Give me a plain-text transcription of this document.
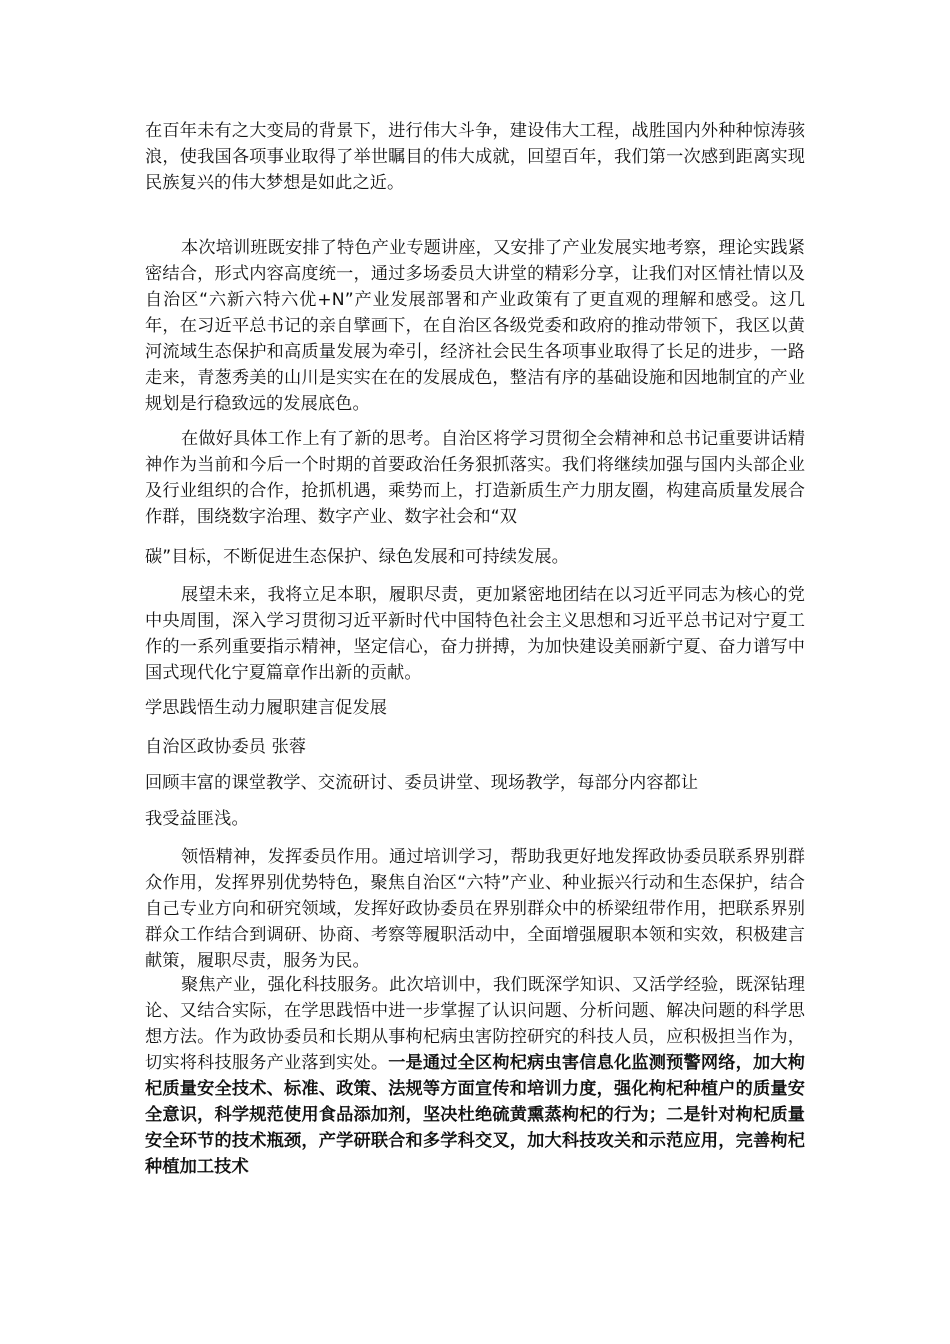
在百年未有之大变局的背景下，进行伟大斗争，建设伟大工程，战胜国内外种种惊涛骇浪，使我国各项事业取得了举世瞩目的伟大成就，回望百年，我们第一次感到距离实现民族复兴的伟大梦想是如此之近。

本次培训班既安排了特色产业专题讲座，又安排了产业发展实地考察，理论实践紧密结合，形式内容高度统一，通过多场委员大讲堂的精彩分享，让我们对区情社情以及自治区“六新六特六优+N”产业发展部署和产业政策有了更直观的理解和感受。这几年，在习近平总书记的亲自擘画下，在自治区各级党委和政府的推动带领下，我区以黄河流域生态保护和高质量发展为牵引，经济社会民生各项事业取得了长足的进步，一路走来，青葱秀美的山川是实实在在的发展成色，整洁有序的基础设施和因地制宜的产业规划是行稳致远的发展底色。

在做好具体工作上有了新的思考。自治区将学习贯彻全会精神和总书记重要讲话精神作为当前和今后一个时期的首要政治任务狠抓落实。我们将继续加强与国内头部企业及行业组织的合作，抢抓机遇，乘势而上，打造新质生产力朋友圈，构建高质量发展合作群，围绕数字治理、数字产业、数字社会和“双

碳”目标，不断促进生态保护、绿色发展和可持续发展。

展望未来，我将立足本职，履职尽责，更加紧密地团结在以习近平同志为核心的党中央周围，深入学习贯彻习近平新时代中国特色社会主义思想和习近平总书记对宁夏工作的一系列重要指示精神，坚定信心，奋力拼搏，为加快建设美丽新宁夏、奋力谱写中国式现代化宁夏篇章作出新的贡献。

学思践悟生动力履职建言促发展

自治区政协委员 张蓉

回顾丰富的课堂教学、交流研讨、委员讲堂、现场教学，每部分内容都让

我受益匪浅。

领悟精神，发挥委员作用。通过培训学习，帮助我更好地发挥政协委员联系界别群众作用，发挥界别优势特色，聚焦自治区“六特”产业、种业振兴行动和生态保护，结合自己专业方向和研究领域，发挥好政协委员在界别群众中的桥梁纽带作用，把联系界别群众工作结合到调研、协商、考察等履职活动中，全面增强履职本领和实效，积极建言献策，履职尽责，服务为民。

聚焦产业，强化科技服务。此次培训中，我们既深学知识、又活学经验，既深钻理论、又结合实际，在学思践悟中进一步掌握了认识问题、分析问题、解决问题的科学思想方法。作为政协委员和长期从事枸杞病虫害防控研究的科技人员，应积极担当作为，切实将科技服务产业落到实处。一是通过全区枸杞病虫害信息化监测预警网络，加大枸杞质量安全技术、标准、政策、法规等方面宣传和培训力度，强化枸杞种植户的质量安全意识，科学规范使用食品添加剂，坚决杜绝硫黄熏蒸枸杞的行为；二是针对枸杞质量安全环节的技术瓶颈，产学研联合和多学科交叉，加大科技攻关和示范应用，完善枸杞种植加工技术
